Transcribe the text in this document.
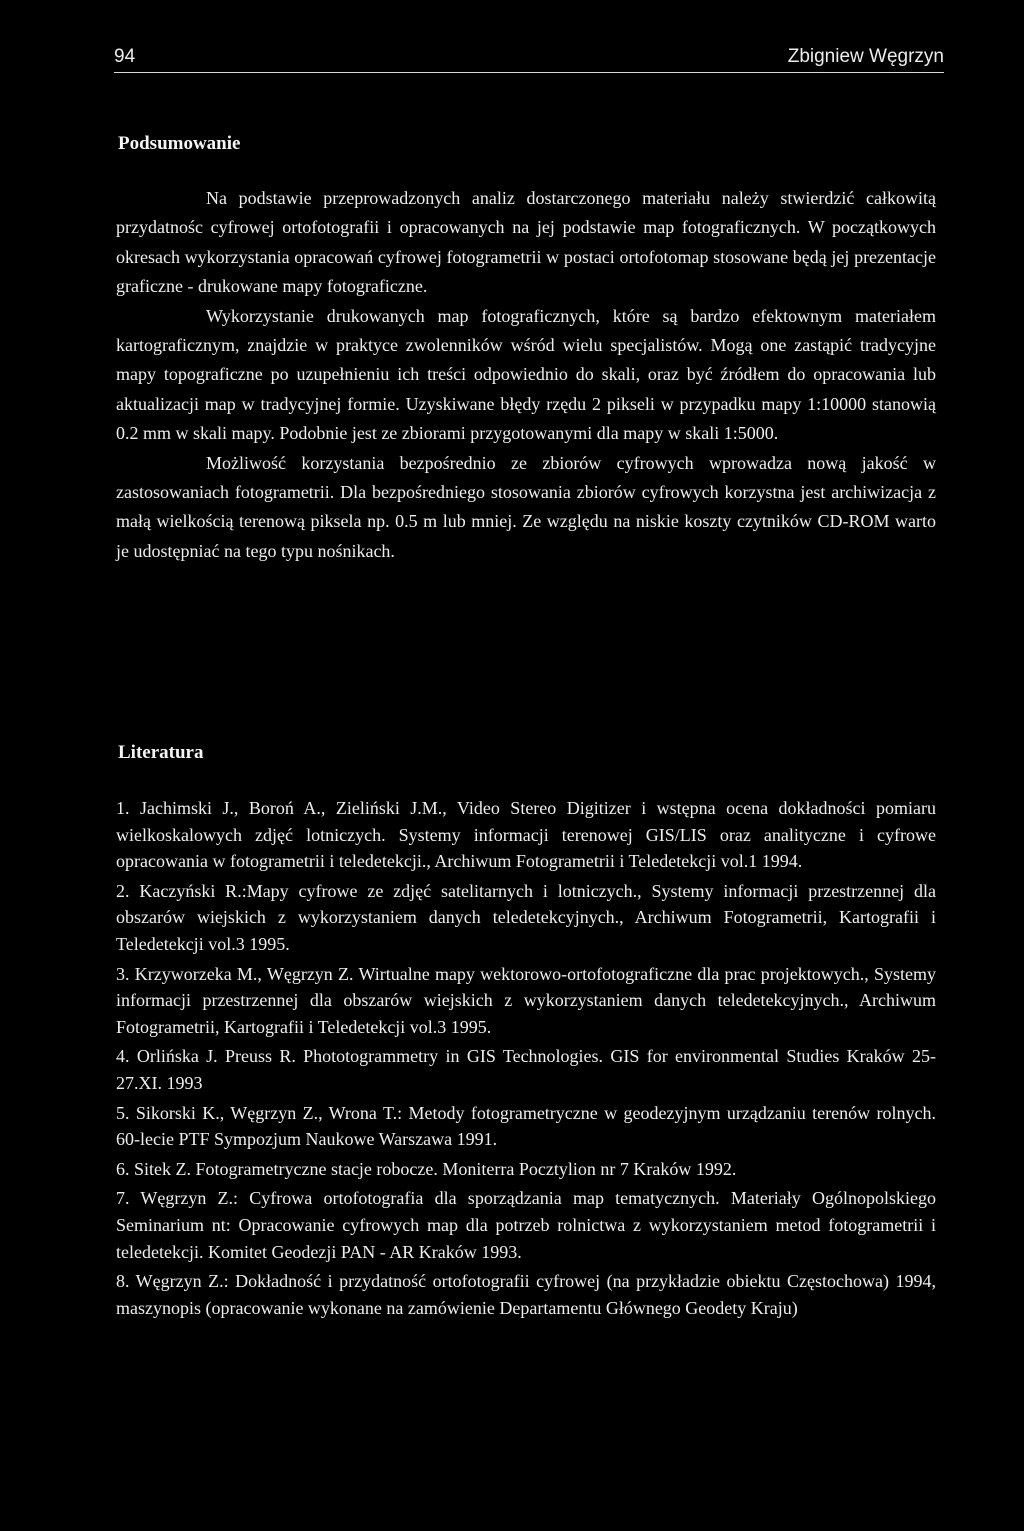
94	Zbigniew Węgrzyn
Podsumowanie

Na podstawie przeprowadzonych analiz dostarczonego materiału należy stwierdzić całkowitą przydatnośc cyfrowej ortofotografii i opracowanych na jej podstawie map fotograficznych. W początkowych okresach wykorzystania opracowań cyfrowej fotogrametrii w postaci ortofotomap stosowane będą jej prezentacje graficzne - drukowane mapy fotograficzne.

Wykorzystanie drukowanych map fotograficznych, które są bardzo efektownym materiałem kartograficznym, znajdzie w praktyce zwolenników wśród wielu specjalistów. Mogą one zastąpić tradycyjne mapy topograficzne po uzupełnieniu ich treści odpowiednio do skali, oraz być źródłem do opracowania lub aktualizacji map w tradycyjnej formie. Uzyskiwane błędy rzędu 2 pikseli w przypadku mapy 1:10000 stanowią 0.2 mm w skali mapy. Podobnie jest ze zbiorami przygotowanymi dla mapy w skali 1:5000.

Możliwość korzystania bezpośrednio ze zbiorów cyfrowych wprowadza nową jakość w zastosowaniach fotogrametrii. Dla bezpośredniego stosowania zbiorów cyfrowych korzystna jest archiwizacja z małą wielkością terenową piksela np. 0.5 m lub mniej. Ze względu na niskie koszty czytników CD-ROM warto je udostępniać na tego typu nośnikach.

Literatura
1. Jachimski J., Boroń A., Zieliński J.M., Video Stereo Digitizer i wstępna ocena dokładności pomiaru wielkoskalowych zdjęć lotniczych. Systemy informacji terenowej GIS/LIS oraz analityczne i cyfrowe opracowania w fotogrametrii i teledetekcji., Archiwum Fotogrametrii i Teledetekcji vol.1 1994.
2. Kaczyński R.:Mapy cyfrowe ze zdjęć satelitarnych i lotniczych., Systemy informacji przestrzennej dla obszarów wiejskich z wykorzystaniem danych teledetekcyjnych., Archiwum Fotogrametrii, Kartografii i Teledetekcji vol.3 1995.
3. Krzyworzeka M., Węgrzyn Z. Wirtualne mapy wektorowo-ortofotograficzne dla prac projektowych., Systemy informacji przestrzennej dla obszarów wiejskich z wykorzystaniem danych teledetekcyjnych., Archiwum Fotogrametrii, Kartografii i Teledetekcji vol.3 1995.
4. Orlińska J. Preuss R. Phototogrammetry in GIS Technologies. GIS for environmental Studies Kraków 25-27.XI. 1993
5. Sikorski K., Węgrzyn Z., Wrona T.: Metody fotogrametryczne w geodezyjnym urządzaniu terenów rolnych. 60-lecie PTF Sympozjum Naukowe Warszawa 1991.
6. Sitek Z. Fotogrametryczne stacje robocze. Moniterra Pocztylion nr 7 Kraków 1992.
7. Węgrzyn Z.: Cyfrowa ortofotografia dla sporządzania map tematycznych. Materiały Ogólnopolskiego Seminarium nt: Opracowanie cyfrowych map dla potrzeb rolnictwa z wykorzystaniem metod fotogrametrii i teledetekcji. Komitet Geodezji PAN - AR Kraków 1993.
8. Węgrzyn Z.: Dokładność i przydatność ortofotografii cyfrowej (na przykładzie obiektu Częstochowa) 1994, maszynopis (opracowanie wykonane na zamówienie Departamentu Głównego Geodety Kraju)
